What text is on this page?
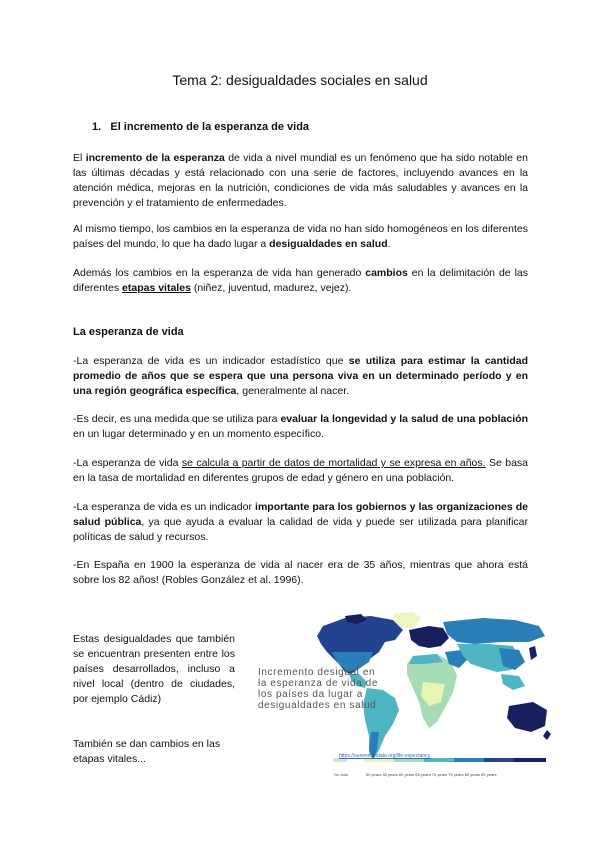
Tema 2: desigualdades sociales en salud
1. El incremento de la esperanza de vida

El incremento de la esperanza de vida a nivel mundial es un fenómeno que ha sido notable en las últimas décadas y está relacionado con una serie de factores, incluyendo avances en la atención médica, mejoras en la nutrición, condiciones de vida más saludables y avances en la prevención y el tratamiento de enfermedades.

Al mismo tiempo, los cambios en la esperanza de vida no han sido homogéneos en los diferentes países del mundo, lo que ha dado lugar a desigualdades en salud.

Además los cambios en la esperanza de vida han generado cambios en la delimitación de las diferentes etapas vitales (niñez, juventud, madurez, vejez).

La esperanza de vida

-La esperanza de vida es un indicador estadístico que se utiliza para estimar la cantidad promedio de años que se espera que una persona viva en un determinado período y en una región geográfica específica, generalmente al nacer.

-Es decir, es una medida que se utiliza para evaluar la longevidad y la salud de una población en un lugar determinado y en un momento específico.

-La esperanza de vida se calcula a partir de datos de mortalidad y se expresa en años. Se basa en la tasa de mortalidad en diferentes grupos de edad y género en una población.

-La esperanza de vida es un indicador importante para los gobiernos y las organizaciones de salud pública, ya que ayuda a evaluar la calidad de vida y puede ser utilizada para planificar políticas de salud y recursos.

-En España en 1900 la esperanza de vida al nacer era de 35 años, mientras que ahora está sobre los 82 años! (Robles González et al. 1996).

Estas desigualdades que también se encuentran presenten entre los países desarrollados, incluso a nivel local (dentro de ciudades, por ejemplo Cádiz)

También se dan cambios en las etapas vitales...

Incremento desigual en la esperanza de vida de los países da lugar a desigualdades en salud
https://ourworldindata.org/life-expectancy
No data	50 years 55 years 60 years 65 years 70 years 75 years 80 years 85 years
